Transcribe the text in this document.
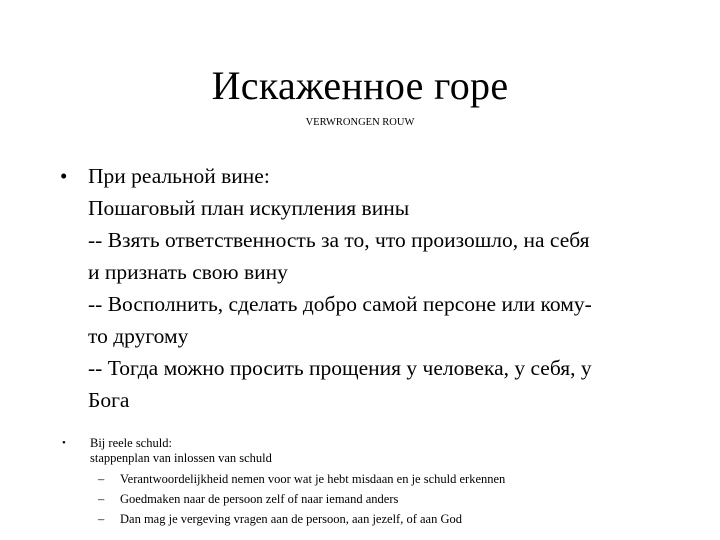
Искаженное горе
VERWRONGEN ROUW
• При реальной вине:
Пошаговый план искупления вины
-- Взять ответственность за то, что произошло, на себя
и признать свою вину
-- Восполнить, сделать добро самой персоне или кому-
то другому
-- Тогда можно просить прощения у человека, у себя, у
Бога
• Bij reele schuld:
stappenplan van inlossen van schuld
– Verantwoordelijkheid nemen voor wat je hebt misdaan en je schuld erkennen
– Goedmaken naar de persoon zelf of naar iemand anders
– Dan mag je vergeving vragen aan de persoon, aan jezelf, of aan God
